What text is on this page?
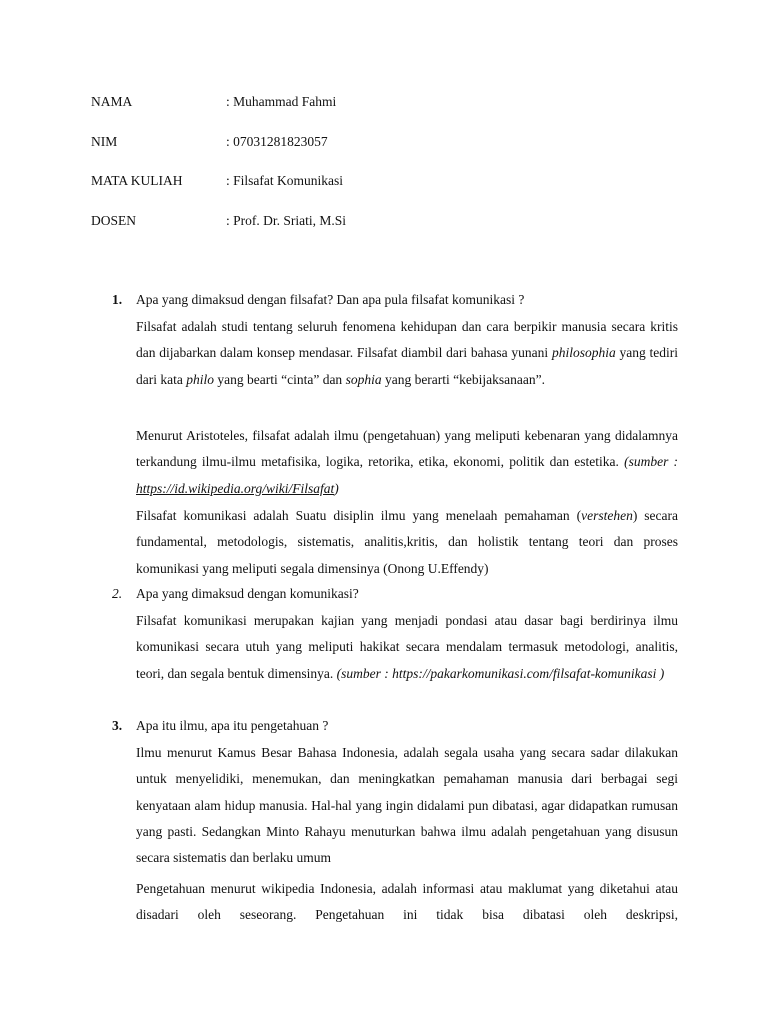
NAMA	: Muhammad Fahmi
NIM	: 07031281823057
MATA KULIAH	: Filsafat Komunikasi
DOSEN	: Prof. Dr. Sriati, M.Si
1.	Apa yang dimaksud dengan filsafat? Dan apa pula filsafat komunikasi ?
Filsafat adalah studi tentang seluruh fenomena kehidupan dan cara berpikir manusia secara kritis dan dijabarkan dalam konsep mendasar. Filsafat diambil dari bahasa yunani philosophia yang tediri dari kata philo yang bearti “cinta” dan sophia yang berarti “kebijaksanaan”.
Menurut Aristoteles, filsafat adalah ilmu (pengetahuan) yang meliputi kebenaran yang didalamnya terkandung ilmu-ilmu metafisika, logika, retorika, etika, ekonomi, politik dan estetika. (sumber : https://id.wikipedia.org/wiki/Filsafat)
Filsafat komunikasi adalah Suatu disiplin ilmu yang menelaah pemahaman (verstehen) secara fundamental, metodologis, sistematis, analitis,kritis, dan holistik tentang teori dan proses komunikasi yang meliputi segala dimensinya (Onong U.Effendy)
2.	Apa yang dimaksud dengan komunikasi?
Filsafat komunikasi merupakan kajian yang menjadi pondasi atau dasar bagi berdirinya ilmu komunikasi secara utuh yang meliputi hakikat secara mendalam termasuk metodologi, analitis, teori, dan segala bentuk dimensinya. (sumber : https://pakarkomunikasi.com/filsafat-komunikasi )
3.	Apa itu ilmu, apa itu pengetahuan ?
Ilmu menurut Kamus Besar Bahasa Indonesia, adalah segala usaha yang secara sadar dilakukan untuk menyelidiki, menemukan, dan meningkatkan pemahaman manusia dari berbagai segi kenyataan alam hidup manusia. Hal-hal yang ingin didalami pun dibatasi, agar didapatkan rumusan yang pasti. Sedangkan Minto Rahayu menuturkan bahwa ilmu adalah pengetahuan yang disusun secara sistematis dan berlaku umum
Pengetahuan menurut wikipedia Indonesia, adalah informasi atau maklumat yang diketahui atau disadari oleh seseorang. Pengetahuan ini tidak bisa dibatasi oleh deskripsi,
